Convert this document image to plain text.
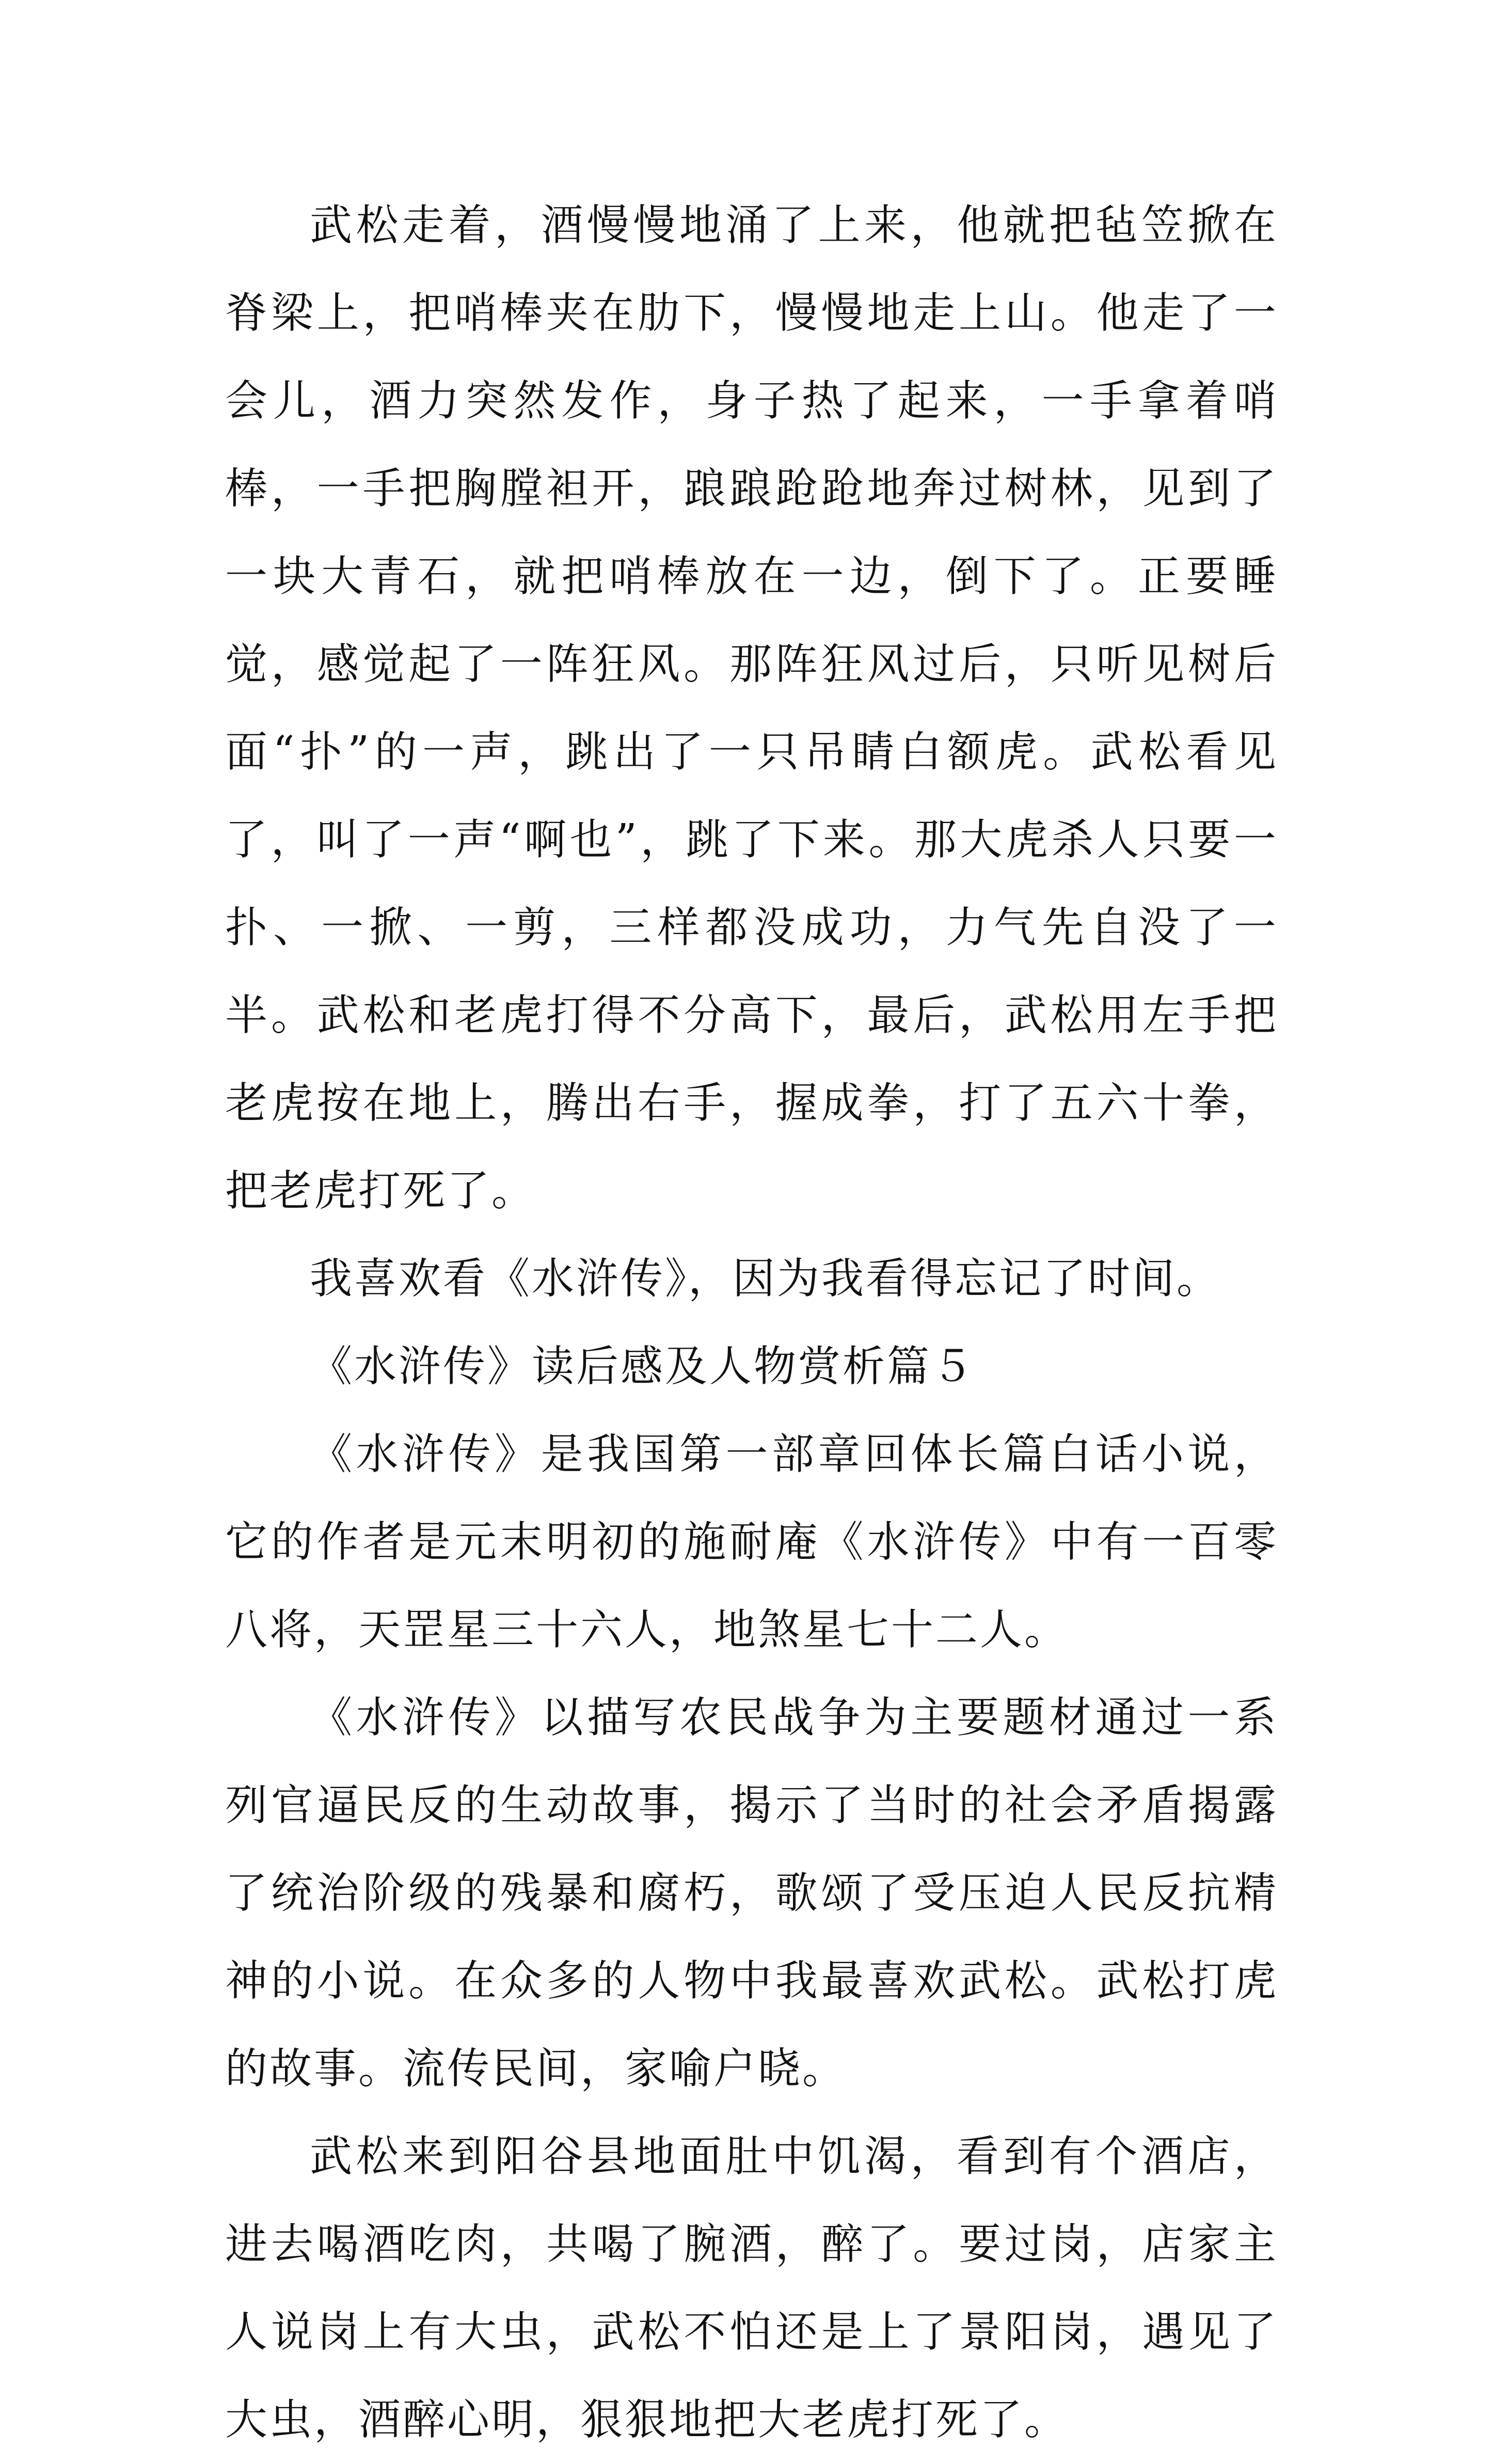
武松走着，酒慢慢地涌了上来，他就把毡笠掀在脊梁上，把哨棒夹在肋下，慢慢地走上山。他走了一会儿，酒力突然发作，身子热了起来，一手拿着哨棒，一手把胸膛袒开，踉踉跄跄地奔过树林，见到了一块大青石，就把哨棒放在一边，倒下了。正要睡觉，感觉起了一阵狂风。那阵狂风过后，只听见树后面“扑”的一声，跳出了一只吊睛白额虎。武松看见了，叫了一声“啊也”，跳了下来。那大虎杀人只要一扑、一掀、一剪，三样都没成功，力气先自没了一半。武松和老虎打得不分高下，最后，武松用左手把老虎按在地上，腾出右手，握成拳，打了五六十拳，把老虎打死了。

我喜欢看《水浒传》，因为我看得忘记了时间。

《水浒传》读后感及人物赏析篇５

《水浒传》是我国第一部章回体长篇白话小说，它的作者是元末明初的施耐庵《水浒传》中有一百零八将，天罡星三十六人，地煞星七十二人。

《水浒传》以描写农民战争为主要题材通过一系列官逼民反的生动故事，揭示了当时的社会矛盾揭露了统治阶级的残暴和腐朽，歌颂了受压迫人民反抗精神的小说。在众多的人物中我最喜欢武松。武松打虎的故事。流传民间，家喻户晓。

武松来到阳谷县地面肚中饥渴，看到有个酒店，进去喝酒吃肉，共喝了腕酒，醉了。要过岗，店家主人说岗上有大虫，武松不怕还是上了景阳岗，遇见了大虫，酒醉心明，狠狠地把大老虎打死了。
